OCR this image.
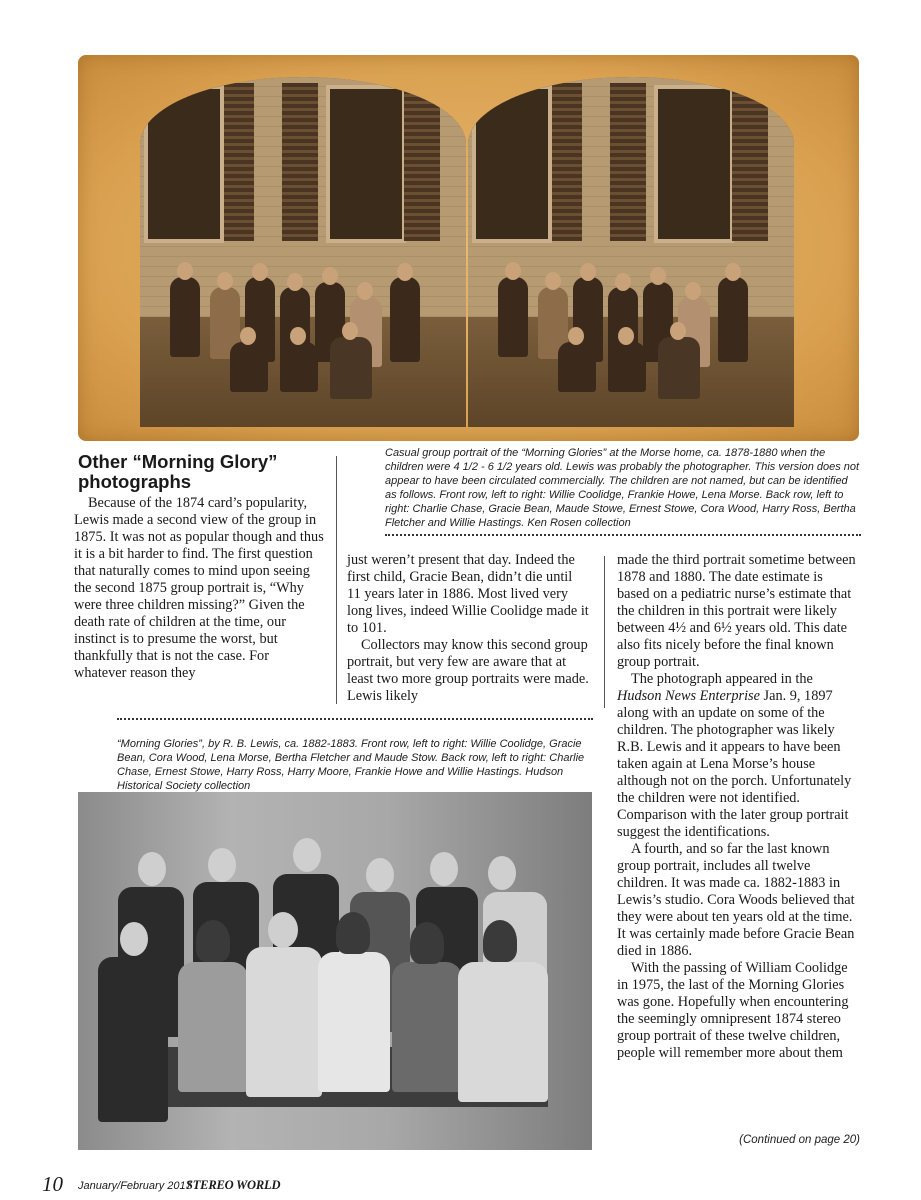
Other “Morning Glory” photographs
Casual group portrait of the “Morning Glories” at the Morse home, ca. 1878-1880 when the children were 4 1/2 - 6 1/2 years old. Lewis was probably the photographer. This version does not appear to have been circulated commercially. The children are not named, but can be identified as follows. Front row, left to right: Willie Coolidge, Frankie Howe, Lena Morse. Back row, left to right: Charlie Chase, Gracie Bean, Maude Stowe, Ernest Stowe, Cora Wood, Harry Ross, Bertha Fletcher and Willie Hastings. Ken Rosen collection

Because of the 1874 card’s popularity, Lewis made a second view of the group in 1875. It was not as popular though and thus it is a bit harder to find. The first question that naturally comes to mind upon seeing the second 1875 group portrait is, “Why were three children missing?” Given the death rate of children at the time, our instinct is to presume the worst, but thankfully that is not the case. For whatever reason they

just weren’t present that day. Indeed the first child, Gracie Bean, didn’t die until 11 years later in 1886. Most lived very long lives, indeed Willie Coolidge made it to 101.

Collectors may know this second group portrait, but very few are aware that at least two more group portraits were made. Lewis likely

“Morning Glories”, by R. B. Lewis, ca. 1882-1883. Front row, left to right: Willie Coolidge, Gracie Bean, Cora Wood, Lena Morse, Bertha Fletcher and Maude Stow. Back row, left to right: Charlie Chase, Ernest Stowe, Harry Ross, Harry Moore, Frankie Howe and Willie Hastings. Hudson Historical Society collection

made the third portrait sometime between 1878 and 1880. The date estimate is based on a pediatric nurse’s estimate that the children in this portrait were likely between 4½ and 6½ years old. This date also fits nicely before the final known group portrait.

The photograph appeared in the Hudson News Enterprise Jan. 9, 1897 along with an update on some of the children. The photographer was likely R.B. Lewis and it appears to have been taken again at Lena Morse’s house although not on the porch. Unfortunately the children were not identified. Comparison with the later group portrait suggest the identifications.

A fourth, and so far the last known group portrait, includes all twelve children. It was made ca. 1882-1883 in Lewis’s studio. Cora Woods believed that they were about ten years old at the time. It was certainly made before Gracie Bean died in 1886.

With the passing of William Coolidge in 1975, the last of the Morning Glories was gone. Hopefully when encountering the seemingly omnipresent 1874 stereo group portrait of these twelve children, people will remember more about them

(Continued on page 20)
10 January/February 2017
STEREO WORLD
